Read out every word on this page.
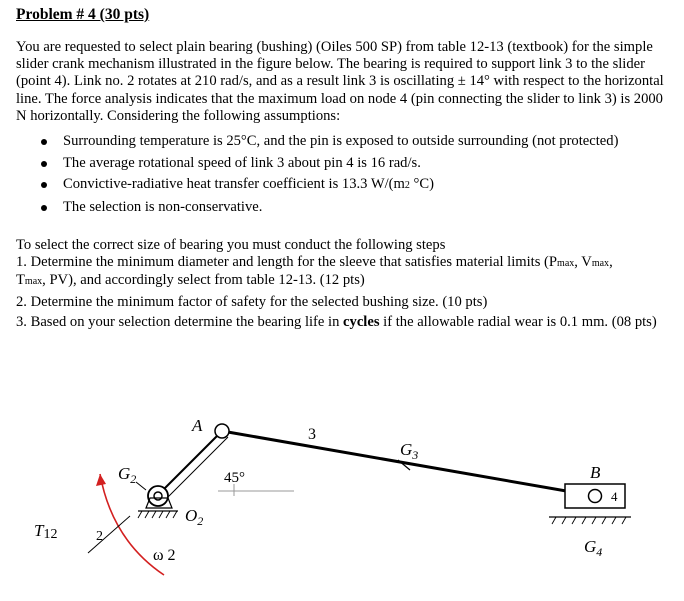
Problem # 4 (30 pts)
You are requested to select plain bearing (bushing) (Oiles 500 SP) from table 12-13 (textbook) for the simple slider crank mechanism illustrated in the figure below. The bearing is required to support link 3 to the slider (point 4). Link no. 2 rotates at 210 rad/s, and as a result link 3 is oscillating ± 14° with respect to the horizontal line. The force analysis indicates that the maximum load on node 4 (pin connecting the slider to link 3) is 2000 N horizontally. Considering the following assumptions:
Surrounding temperature is 25°C, and the pin is exposed to outside surrounding (not protected)
The average rotational speed of link 3 about pin 4 is 16 rad/s.
Convictive-radiative heat transfer coefficient is 13.3 W/(m2 °C)
The selection is non-conservative.

To select the correct size of bearing you must conduct the following steps

1. Determine the minimum diameter and length for the sleeve that satisfies material limits (Pmax, Vmax,
Tmax, PV), and accordingly select from table 12-13. (12 pts)

2. Determine the minimum factor of safety for the selected bushing size. (10 pts)

3. Based on your selection determine the bearing life in cycles if the allowable radial wear is 0.1 mm. (08 pts)

A	3
$G_3$
B
4
$G_4$
$G_2$
$O_2$
45°
T12	2
ω 2
